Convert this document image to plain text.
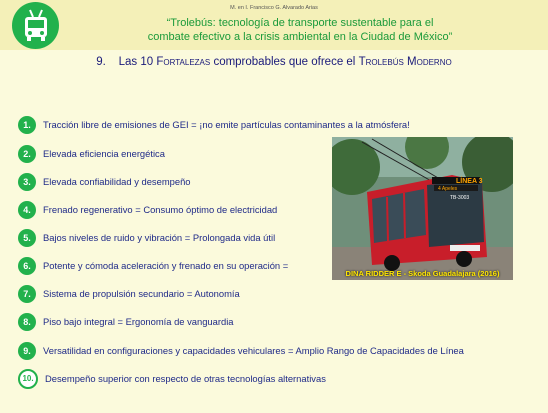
M. en I. Francisco G. Alvarado Arias
“Trolebús: tecnología de transporte sustentable para el
combate efectivo a la crisis ambiental en la Ciudad de México”
9. Las 10 Fortalezas comprobables que ofrece el Trolebús Moderno
1.	Tracción libre de emisiones de GEI = ¡no emite partículas contaminantes a la atmósfera!
2.	Elevada eficiencia energética
3.	Elevada confiabilidad y desempeño
4.	Frenado regenerativo = Consumo óptimo de electricidad
5.	Bajos niveles de ruido y vibración = Prolongada vida útil
6.	Potente y cómoda aceleración y frenado en su operación =
7.	Sistema de propulsión secundario = Autonomía
8.	Piso bajo integral = Ergonomía de vanguardia
9.	Versatilidad en configuraciones y capacidades vehiculares = Amplio Rango de Capacidades de Línea
10.	Desempeño superior con respecto de otras tecnologías alternativas
LÍNEA 3
4 Apeles
TB-3003
DINA RIDDER E - Skoda Guadalajara (2016)
